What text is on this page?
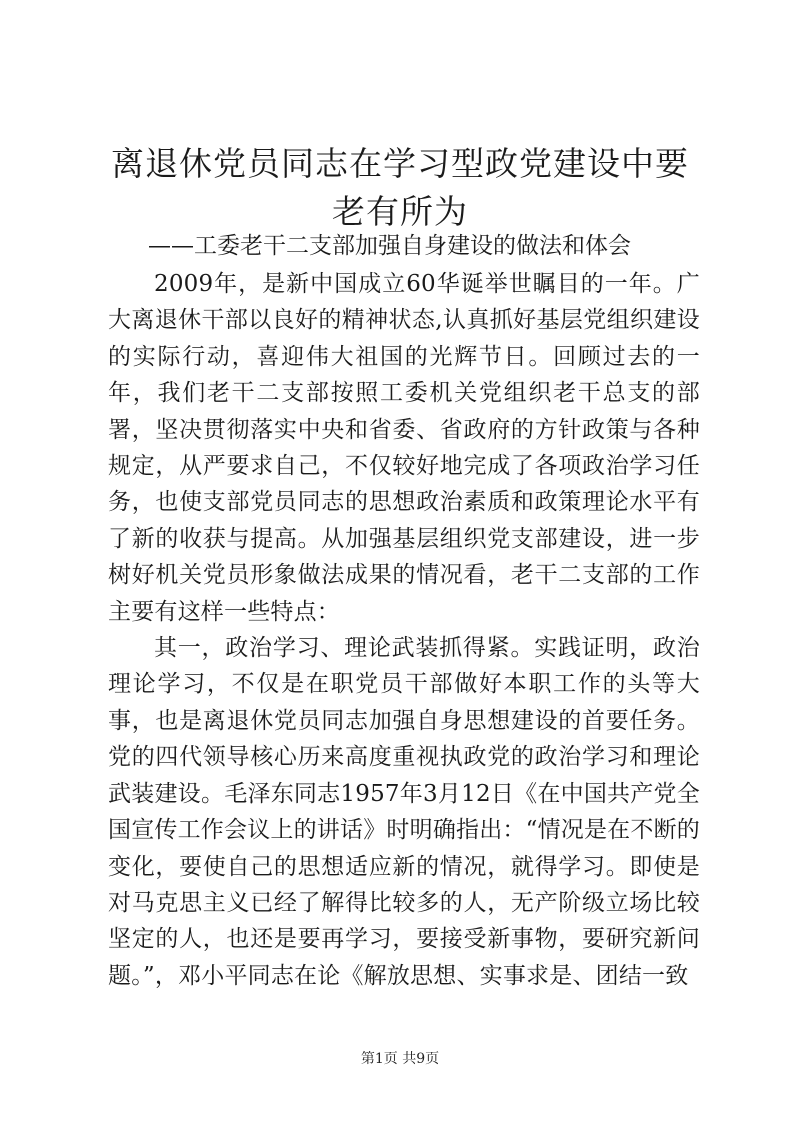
离退休党员同志在学习型政党建设中要老有所为

——工委老干二支部加强自身建设的做法和体会

2009年，是新中国成立60华诞举世瞩目的一年。广大离退休干部以良好的精神状态,认真抓好基层党组织建设的实际行动，喜迎伟大祖国的光辉节日。回顾过去的一年，我们老干二支部按照工委机关党组织老干总支的部署，坚决贯彻落实中央和省委、省政府的方针政策与各种规定，从严要求自己，不仅较好地完成了各项政治学习任务，也使支部党员同志的思想政治素质和政策理论水平有了新的收获与提高。从加强基层组织党支部建设，进一步树好机关党员形象做法成果的情况看，老干二支部的工作主要有这样一些特点：

其一，政治学习、理论武装抓得紧。实践证明，政治理论学习，不仅是在职党员干部做好本职工作的头等大事，也是离退休党员同志加强自身思想建设的首要任务。党的四代领导核心历来高度重视执政党的政治学习和理论武装建设。毛泽东同志1957年3月12日《在中国共产党全国宣传工作会议上的讲话》时明确指出：“情况是在不断的变化，要使自己的思想适应新的情况，就得学习。即使是对马克思主义已经了解得比较多的人，无产阶级立场比较坚定的人，也还是要再学习，要接受新事物，要研究新问题。”，邓小平同志在论《解放思想、实事求是、团结一致

第1页 共9页
